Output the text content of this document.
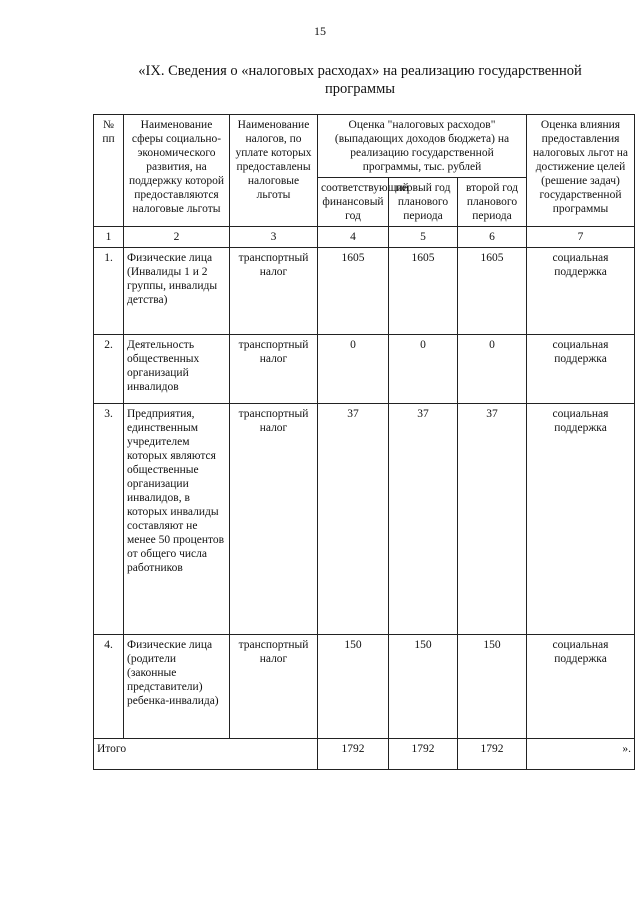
15
«IX. Сведения о «налоговых расходах» на реализацию государственной
программы
№ пп	Наименование сферы социально-экономического развития, на поддержку которой предоставляются налоговые льготы	Наименование налогов, по уплате которых предоставлены налоговые льготы	Оценка "налоговых расходов" (выпадающих доходов бюджета) на реализацию государственной программы, тыс. рублей			Оценка влияния предоставления налоговых льгот на достижение целей (решение задач) государственной программы
			соответствующий финансовый год	первый год планового периода	второй год планового периода	
1	2	3	4	5	6	7
1.	Физические лица (Инвалиды 1 и 2 группы, инвалиды детства)	транспортный налог	1605	1605	1605	социальная поддержка
2.	Деятельность общественных организаций инвалидов	транспортный налог	0	0	0	социальная поддержка
3.	Предприятия, единственным учредителем которых являются общественные организации инвалидов, в которых инвалиды составляют не менее 50 процентов от общего числа работников	транспортный налог	37	37	37	социальная поддержка
4.	Физические лица (родители (законные представители) ребенка-инвалида)	транспортный налог	150	150	150	социальная поддержка
Итого			1792	1792	1792	».
